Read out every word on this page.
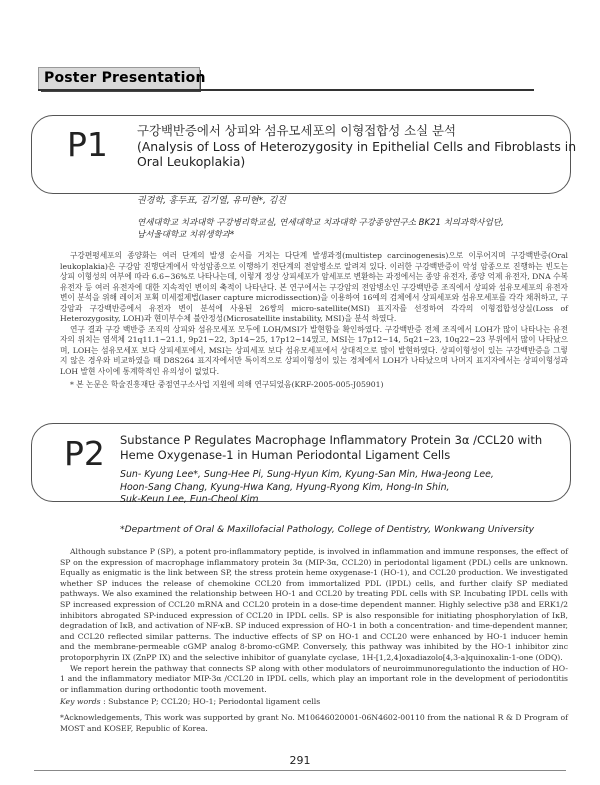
Poster Presentation
P1 구강백반증에서 상피와 섬유모세포의 이형접합성 소실 분석
(Analysis of Loss of Heterozygosity in Epithelial Cells and Fibroblasts in
Oral Leukoplakia)
권경학, 홍두표, 김기열, 유미현*, 김진
연세대학교 치과대학 구강병리학교실, 연세대학교 치과대학 구강종양연구소 BK21 치의과학사업단,
남서울대학교 치위생학과*

구강편평세포의 종양화는 여러 단계의 발생 순서를 거치는 다단계 발생과정(multistep carcinogenesis)으로 이루어지며 구강백반증(Oral leukoplakia)은 구강암 진행단계에서 악성암종으로 이행하기 전단계의 전암병소로 알려져 있다. 이러한 구강백반증이 악성 암종으로 진행하는 빈도는 상피 이형성의 여부에 따라 6.6~36%로 나타나는데, 이렇게 정상 상피세포가 암세포로 변환하는 과정에서는 종양 유전자, 종양 억제 유전자, DNA 수복 유전자 등 여러 유전자에 대한 지속적인 변이의 축적이 나타난다. 본 연구에서는 구강암의 전암병소인 구강백반증 조직에서 상피와 섬유모세포의 유전자 변이 분석을 위해 레이저 포획 미세절제법(laser capture microdissection)을 이용하여 16예의 검체에서 상피세포와 섬유모세포를 각각 채취하고, 구강암과 구강백반증에서 유전자 변이 분석에 사용된 26쌍의 micro-satellite(MSI) 표지자를 선정하여 각각의 이형접합성상실(Loss of Heterozygosity, LOH)과 현미부수체 불안정성(Microsatellite instability, MSI)을 분석 하였다.

연구 결과 구강 백반증 조직의 상피와 섬유모세포 모두에 LOH/MSI가 발현함을 확인하였다. 구강백반증 전체 조직에서 LOH가 많이 나타나는 유전자의 위치는 염색체 21q11.1~21.1, 9p21~22, 3p14~25, 17p12~14였고, MSI는 17p12~14, 5q21~23, 10q22~23 부위에서 많이 나타났으며, LOH는 섬유모세포 보다 상피세포에서, MSI는 상피세포 보다 섬유모세포에서 상대적으로 많이 발현하였다. 상피이형성이 있는 구강백반증을 그렇지 않은 경우와 비교하였을 때 D8S264 표지자에서만 특이적으로 상피이형성이 있는 경체에서 LOH가 나타났으며 나머지 표지자에서는 상피이형성과 LOH 발현 사이에 통계학적인 유의성이 없었다.

* 본 논문은 학술진흥재단 중점연구소사업 지원에 의해 연구되었음(KRF-2005-005-J05901)

P2 Substance P Regulates Macrophage Inflammatory Protein 3α /CCL20 with
Heme Oxygenase-1 in Human Periodontal Ligament Cells
Sun- Kyung Lee*, Sung-Hee Pi, Sung-Hyun Kim, Kyung-San Min, Hwa-Jeong Lee,
Hoon-Sang Chang, Kyung-Hwa Kang, Hyung-Ryong Kim, Hong-In Shin,
Suk-Keun Lee, Eun-Cheol Kim
*Department of Oral & Maxillofacial Pathology, College of Dentistry, Wonkwang University

Although substance P (SP), a potent pro-inflammatory peptide, is involved in inflammation and immune responses, the effect of SP on the expression of macrophage inflammatory protein 3α (MIP-3α, CCL20) in periodontal ligament (PDL) cells are unknown. Equally as enigmatic is the link between SP, the stress protein heme oxygenase-1 (HO-1), and CCL20 production. We investigated whether SP induces the release of chemokine CCL20 from immortalized PDL (IPDL) cells, and further claify SP mediated pathways. We also examined the relationship between HO-1 and CCL20 by treating PDL cells with SP. Incubating IPDL cells with SP increased expression of CCL20 mRNA and CCL20 protein in a dose-time dependent manner. Highly selective p38 and ERK1/2 inhibitors abrogated SP-induced expression of CCL20 in IPDL cells. SP is also responsible for initiating phosphorylation of IκB, degradation of IκB, and activation of NF-κB. SP induced expression of HO-1 in both a concentration- and time-dependent manner, and CCL20 reflected similar patterns. The inductive effects of SP on HO-1 and CCL20 were enhanced by HO-1 inducer hemin and the membrane-permeable cGMP analog 8-bromo-cGMP. Conversely, this pathway was inhibited by the HO-1 inhibitor zinc protoporphyrin IX (ZnPP IX) and the selective inhibitor of guanylate cyclase, 1H-[1,2,4]oxadiazolo[4,3-a]quinoxalin-1-one (ODQ).

We report herein the pathway that connects SP along with other modulators of neuroimmunoregulationto the induction of HO-1 and the inflammatory mediator MIP-3α /CCL20 in IPDL cells, which play an important role in the development of periodontitis or inflammation during orthodontic tooth movement.

Key words : Substance P; CCL20; HO-1; Periodontal ligament cells

*Acknowledgements, This work was supported by grant No. M10646020001-06N4602-00110 from the national R & D Program of MOST and KOSEF, Republic of Korea.

291
